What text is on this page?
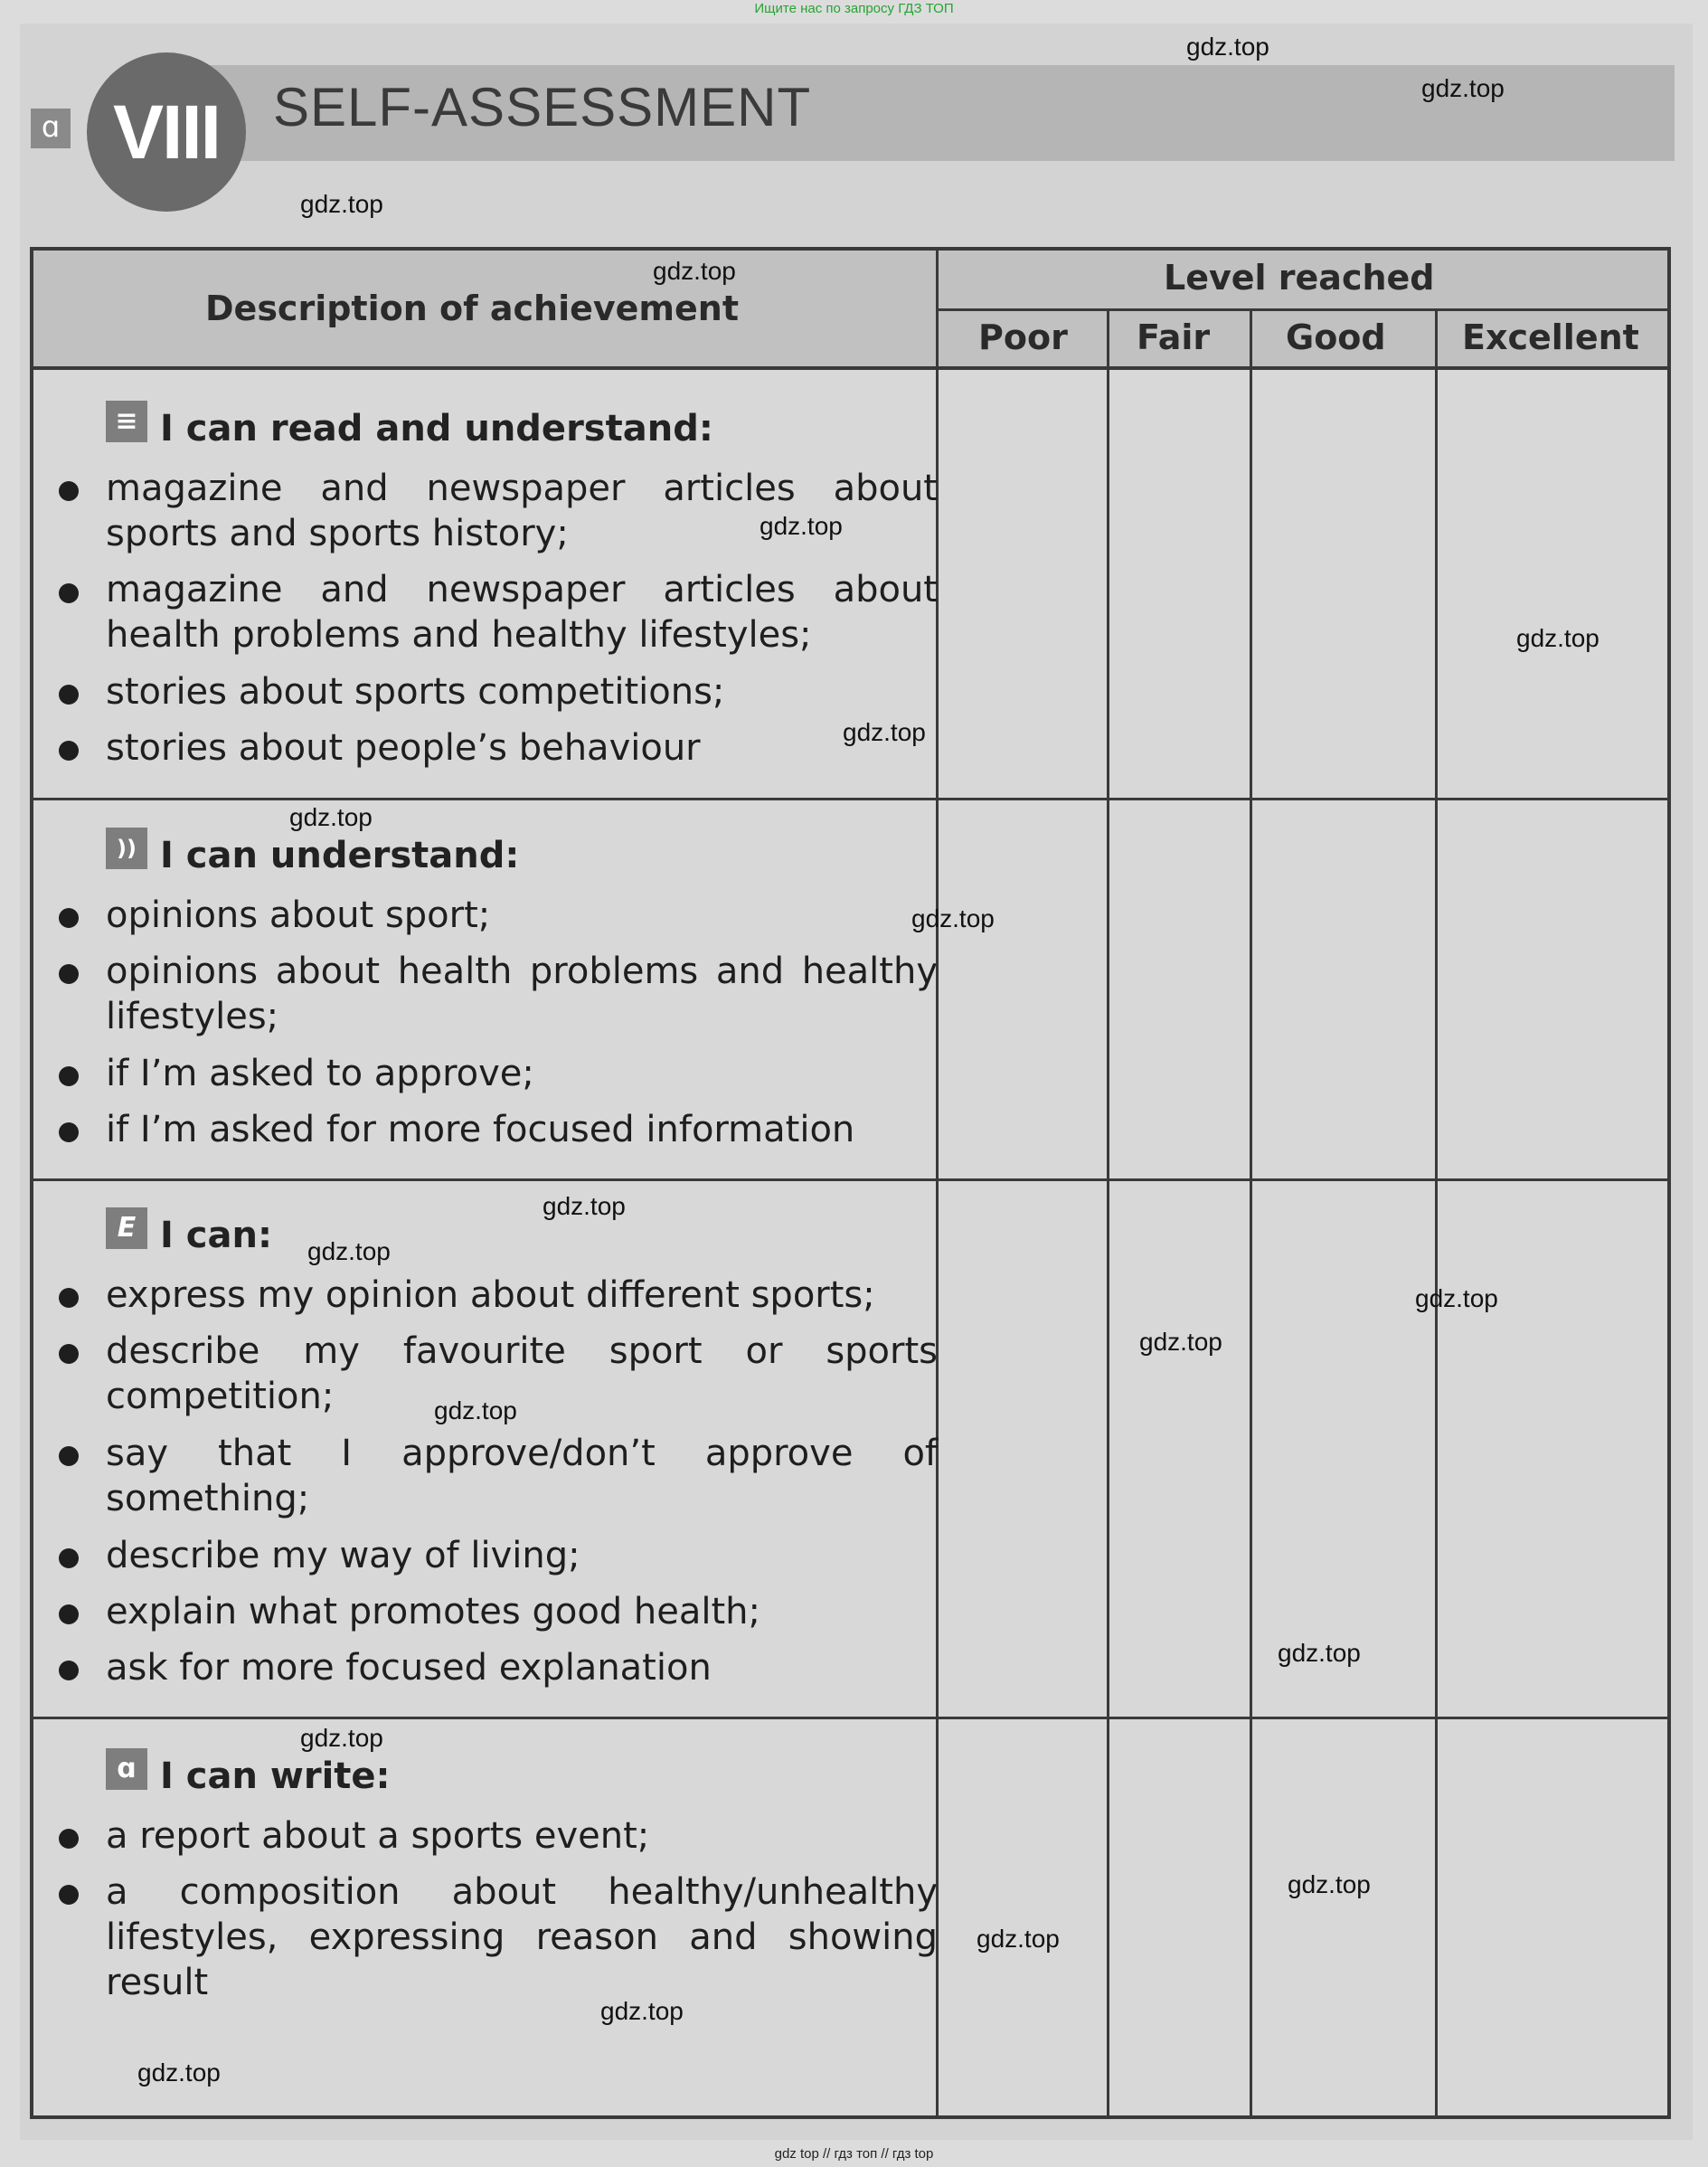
Ищите нас по запросу ГДЗ ТОП
ɑ VIII SELF-ASSESSMENT
Description of achievement
Level reached
Poor Fair Good Excellent
≡ I can read and understand:
magazine and newspaper articles about sports and sports history;
magazine and newspaper articles about health problems and healthy lifestyles;
stories about sports competitions;
stories about people’s behaviour
)) I can understand:
opinions about sport;
opinions about health problems and healthy lifestyles;
if I’m asked to approve;
if I’m asked for more focused information
E I can:
express my opinion about different sports;
describe my favourite sport or sports competition;
say that I approve/don’t approve of something;
describe my way of living;
explain what promotes good health;
ask for more focused explanation
ɑ I can write:
a report about a sports event;
a composition about healthy/unhealthy lifestyles, expressing reason and showing result
gdz.top
gdz.top
gdz.top
gdz.top
gdz.top
gdz.top
gdz.top
gdz.top
gdz.top
gdz.top
gdz.top
gdz.top
gdz.top
gdz.top
gdz.top
gdz.top
gdz.top
gdz.top
gdz.top
gdz.top
gdz top // гдз топ // гдз top
